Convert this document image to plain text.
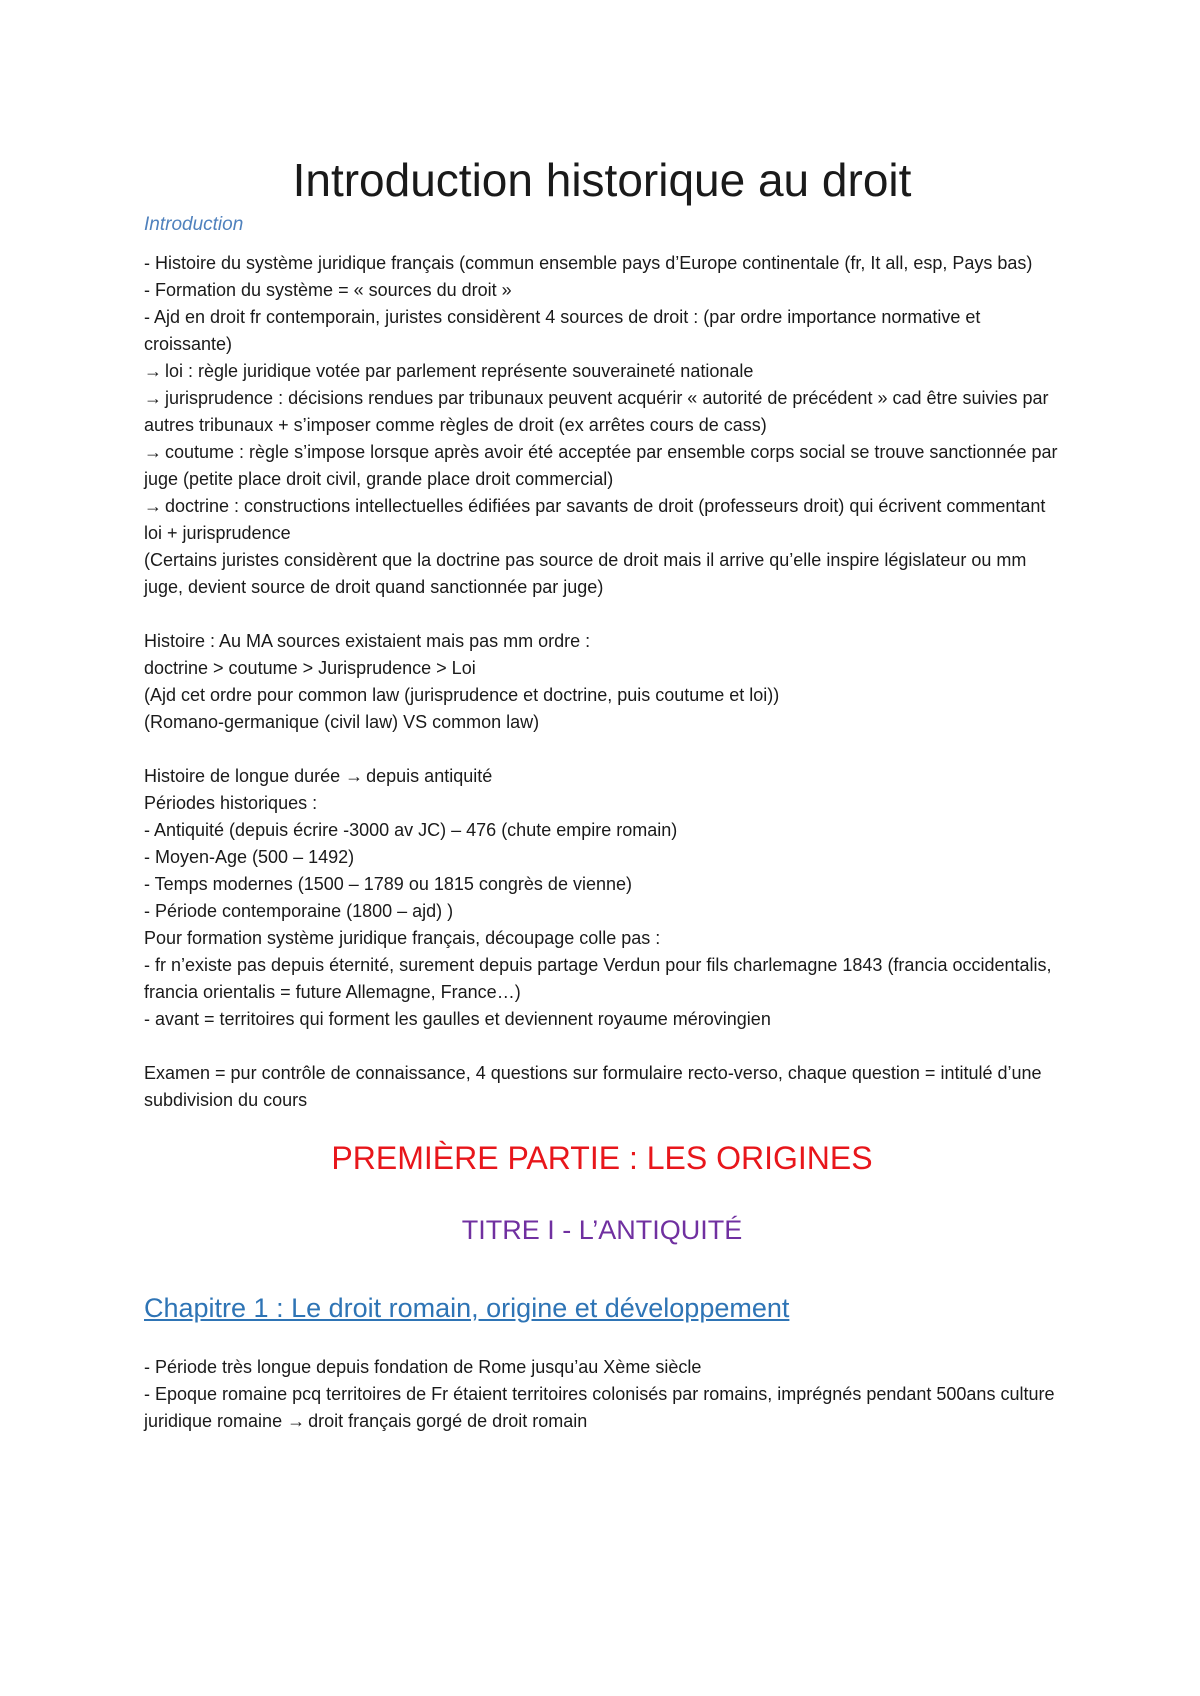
Introduction historique au droit
Introduction

- Histoire du système juridique français (commun ensemble pays d’Europe continentale (fr, It all, esp, Pays bas)

- Formation du système = « sources du droit »

- Ajd en droit fr contemporain, juristes considèrent 4 sources de droit : (par ordre importance normative et croissante)

→ loi : règle juridique votée par parlement représente souveraineté nationale

→ jurisprudence : décisions rendues par tribunaux peuvent acquérir « autorité de précédent » cad être suivies par autres tribunaux + s’imposer comme règles de droit (ex arrêtes cours de cass)

→ coutume : règle s’impose lorsque après avoir été acceptée par ensemble corps social se trouve sanctionnée par juge (petite place droit civil, grande place droit commercial)

→ doctrine : constructions intellectuelles édifiées par savants de droit (professeurs droit) qui écrivent commentant loi + jurisprudence

(Certains juristes considèrent que la doctrine pas source de droit mais il arrive qu’elle inspire législateur ou mm juge, devient source de droit quand sanctionnée par juge)

Histoire : Au MA sources existaient mais pas mm ordre :

doctrine > coutume > Jurisprudence > Loi

(Ajd cet ordre pour common law (jurisprudence et doctrine, puis coutume et loi))

(Romano-germanique (civil law) VS common law)

Histoire de longue durée → depuis antiquité

Périodes historiques :

- Antiquité (depuis écrire -3000 av JC) – 476 (chute empire romain)

- Moyen-Age (500 – 1492)

- Temps modernes (1500 – 1789 ou 1815 congrès de vienne)

- Période contemporaine (1800 – ajd) )

Pour formation système juridique français, découpage colle pas :

- fr n’existe pas depuis éternité, surement depuis partage Verdun pour fils charlemagne 1843 (francia occidentalis, francia orientalis = future Allemagne, France…)

- avant = territoires qui forment les gaulles et deviennent royaume mérovingien

Examen = pur contrôle de connaissance, 4 questions sur formulaire recto-verso, chaque question = intitulé d’une subdivision du cours

PREMIÈRE PARTIE : LES ORIGINES
TITRE I - L’ANTIQUITÉ
Chapitre 1 : Le droit romain, origine et développement

- Période très longue depuis fondation de Rome jusqu’au Xème siècle

- Epoque romaine pcq territoires de Fr étaient territoires colonisés par romains, imprégnés pendant 500ans culture juridique romaine → droit français gorgé de droit romain
